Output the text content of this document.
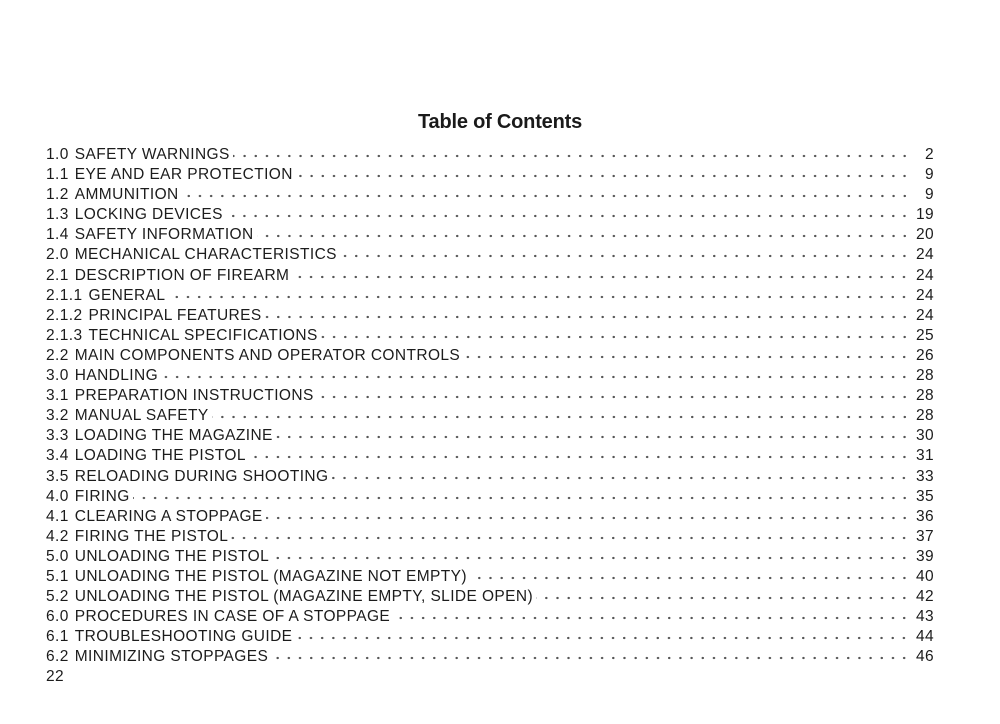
Table of Contents
1.0 SAFETY WARNINGS	2
1.1 EYE AND EAR PROTECTION	9
1.2 AMMUNITION	9
1.3 LOCKING DEVICES	19
1.4 SAFETY INFORMATION	20
2.0 MECHANICAL CHARACTERISTICS	24
2.1 DESCRIPTION OF FIREARM	24
2.1.1 GENERAL	24
2.1.2 PRINCIPAL FEATURES	24
2.1.3 TECHNICAL SPECIFICATIONS	25
2.2 MAIN COMPONENTS AND OPERATOR CONTROLS	26
3.0 HANDLING	28
3.1 PREPARATION INSTRUCTIONS	28
3.2 MANUAL SAFETY	28
3.3 LOADING THE MAGAZINE	30
3.4 LOADING THE PISTOL	31
3.5 RELOADING DURING SHOOTING	33
4.0 FIRING	35
4.1 CLEARING A STOPPAGE	36
4.2 FIRING THE PISTOL	37
5.0 UNLOADING THE PISTOL	39
5.1 UNLOADING THE PISTOL (MAGAZINE NOT EMPTY)	40
5.2 UNLOADING THE PISTOL (MAGAZINE EMPTY, SLIDE OPEN)	42
6.0 PROCEDURES IN CASE OF A STOPPAGE	43
6.1 TROUBLESHOOTING GUIDE	44
6.2 MINIMIZING STOPPAGES	46
22
